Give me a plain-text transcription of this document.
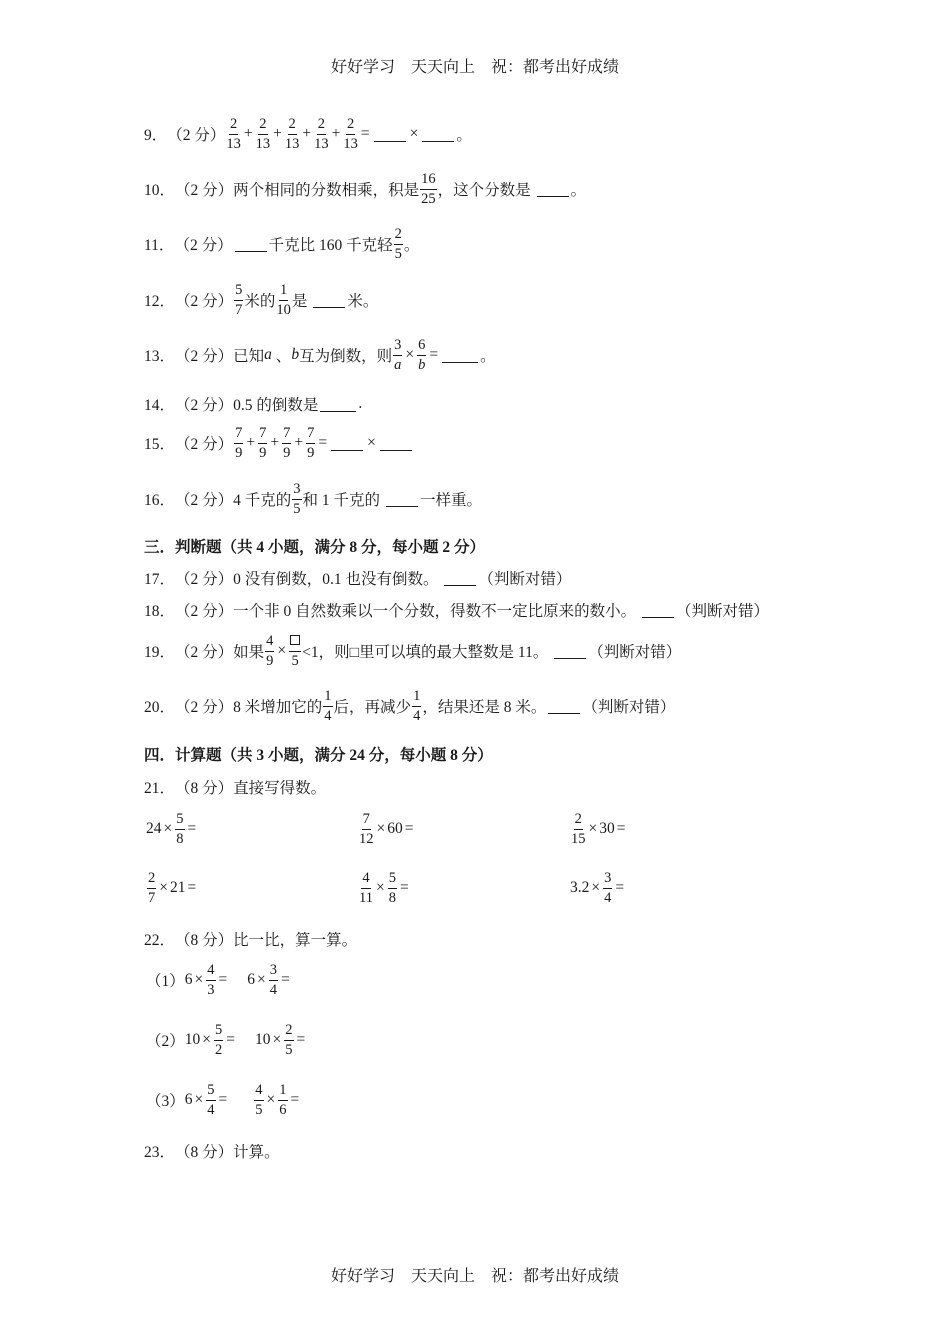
好好学习　天天向上　祝：都考出好成绩
9． （2 分） $\frac{2}{13} + \frac{2}{13} + \frac{2}{13} + \frac{2}{13} + \frac{2}{13}$ =	× 。
10． （2 分） 两个相同的分数相乘，积是 $\frac{16}{25}$ ，这个分数是 。
11． （2 分） 千克比 160 千克轻 $\frac{2}{5}$ 。
12． （2 分） $\frac{5}{7}$ 米的 $\frac{1}{10}$ 是 米。
13． （2 分） 已知 a 、 b 互为倒数，则 $\frac{3}{a} \times \frac{6}{b}$ =	。
14． （2 分） 0.5 的倒数是	.
15． （2 分） $\frac{7}{9} + \frac{7}{9} + \frac{7}{9} + \frac{7}{9}$ =	×
16． （2 分） 4 千克的 $\frac{3}{5}$ 和 1 千克的 一样重。
三．判断题（共 4 小题，满分 8 分，每小题 2 分）
17． （2 分） 0 没有倒数，0.1 也没有倒数。 （判断对错）
18． （2 分） 一个非 0 自然数乘以一个分数，得数不一定比原来的数小。 （判断对错）
19． （2 分） 如果 $\frac{4}{9}$ ×
5 <1，则□里可以填的最大整数是 11。 （判断对错）
20． （2 分） 8 米增加它的 $\frac{1}{4}$ 后，再减少 $\frac{1}{4}$ ，结果还是 8 米。 （判断对错）
四．计算题（共 3 小题，满分 24 分，每小题 8 分）
21． （8 分） 直接写得数。
$24 \times \frac{5}{8}$ =	$\frac{7}{12} \times 60$ =	$\frac{2}{15} \times 30$ =
$\frac{2}{7} \times 21$ =	$\frac{4}{11} \times \frac{5}{8}$ =	$3.2 \times \frac{3}{4}$ =
22． （8 分） 比一比，算一算。
（1） $6 \times \frac{4}{3} = 6 \times \frac{3}{4}$ =
（2） $10 \times \frac{5}{2} = 10 \times \frac{2}{5}$ =
（3） $6 \times \frac{5}{4} = \frac{4}{5} \times \frac{1}{6}$ =
23． （8 分） 计算。
好好学习　天天向上　祝：都考出好成绩
